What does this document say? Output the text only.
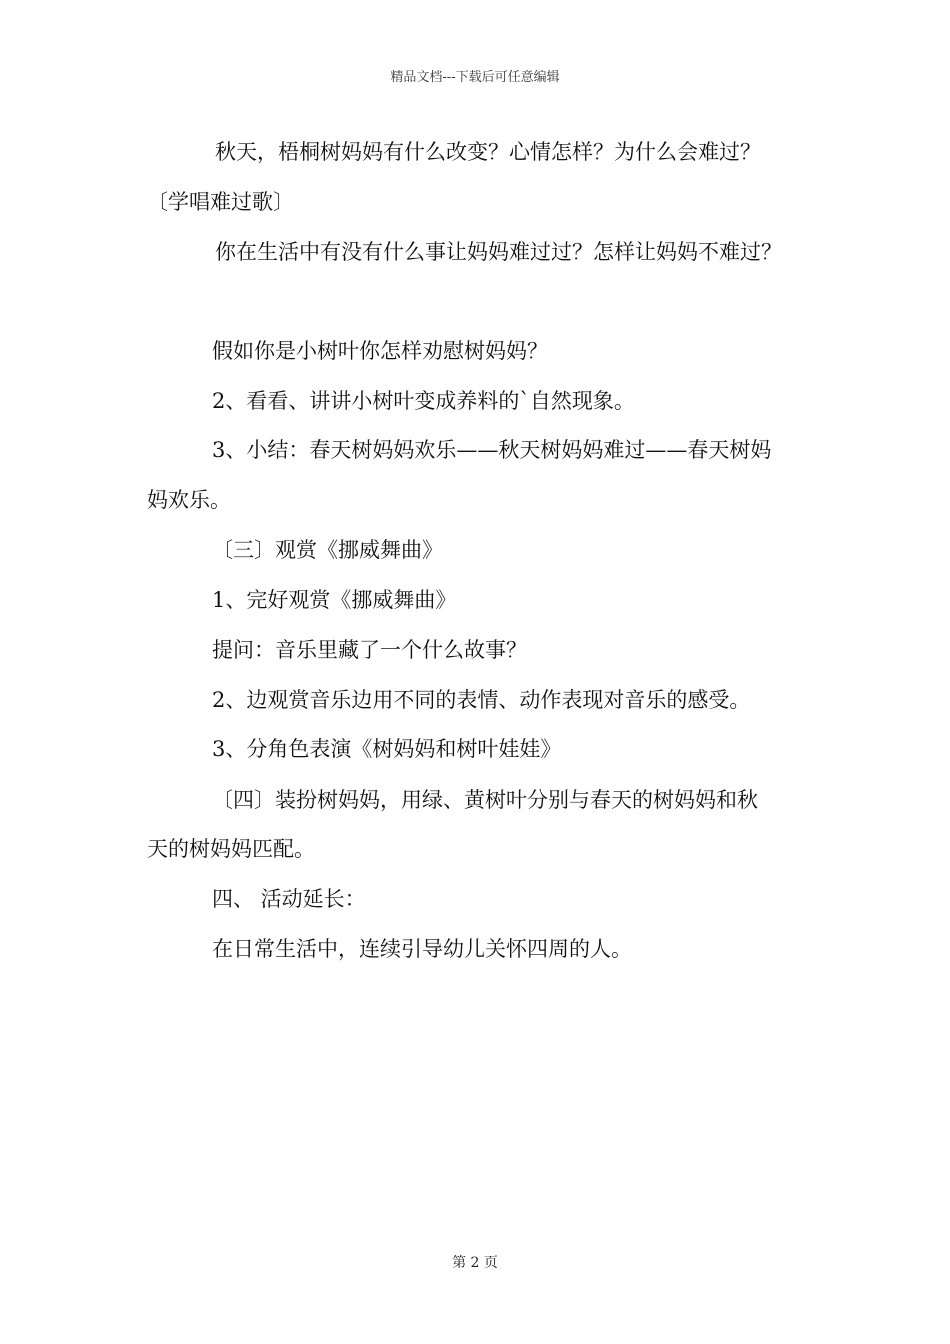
精品文档---下载后可任意编辑
秋天，梧桐树妈妈有什么改变？心情怎样？为什么会难过？
〔学唱难过歌〕
你在生活中有没有什么事让妈妈难过过？怎样让妈妈不难过？
假如你是小树叶你怎样劝慰树妈妈？
2、看看、讲讲小树叶变成养料的`自然现象。
3、小结：春天树妈妈欢乐——秋天树妈妈难过——春天树妈
妈欢乐。
〔三〕观赏《挪威舞曲》
1、完好观赏《挪威舞曲》
提问：音乐里藏了一个什么故事？
2、边观赏音乐边用不同的表情、动作表现对音乐的感受。
3、分角色表演《树妈妈和树叶娃娃》
〔四〕装扮树妈妈，用绿、黄树叶分别与春天的树妈妈和秋
天的树妈妈匹配。
四、 活动延长：
在日常生活中，连续引导幼儿关怀四周的人。
第 2 页
